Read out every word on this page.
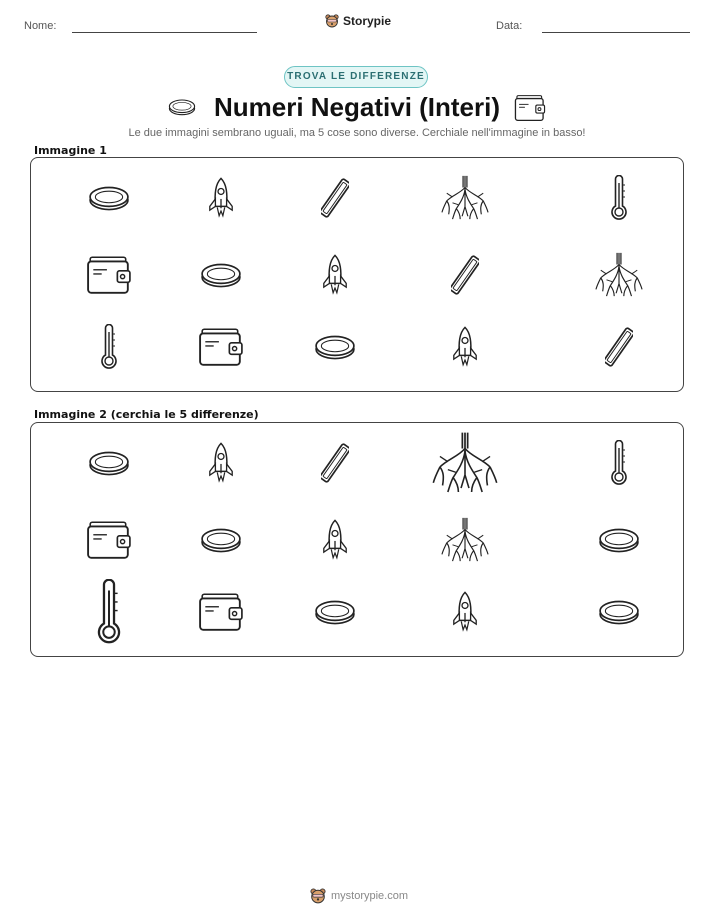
Nome:	Storypie	Data:
TROVA LE DIFFERENZE
Numeri Negativi (Interi)
Le due immagini sembrano uguali, ma 5 cose sono diverse. Cerchiale nell'immagine in basso!
Immagine 1
Immagine 2 (cerchia le 5 differenze)
mystorypie.com
